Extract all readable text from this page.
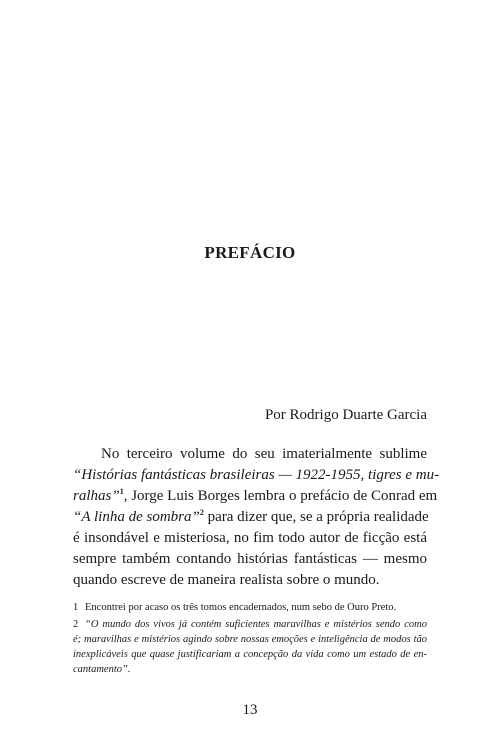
PREFÁCIO
Por Rodrigo Duarte Garcia
No terceiro volume do seu imaterialmente sublime
“Histórias fantásticas brasileiras — 1922-1955, tigres e mu-
ralhas”$^1$, Jorge Luis Borges lembra o prefácio de Conrad em
“A linha de sombra”$^2$ para dizer que, se a própria realidade
é insondável e misteriosa, no fim todo autor de ficção está
sempre também contando histórias fantásticas — mesmo
quando escreve de maneira realista sobre o mundo.
1 Encontrei por acaso os três tomos encadernados, num sebo de Ouro Preto.
2 “O mundo dos vivos já contém suficientes maravilhas e mistérios sendo como
é; maravilhas e mistérios agindo sobre nossas emoções e inteligência de modos tão
inexplicáveis que quase justificariam a concepção da vida como um estado de en-
cantamento”.
13
